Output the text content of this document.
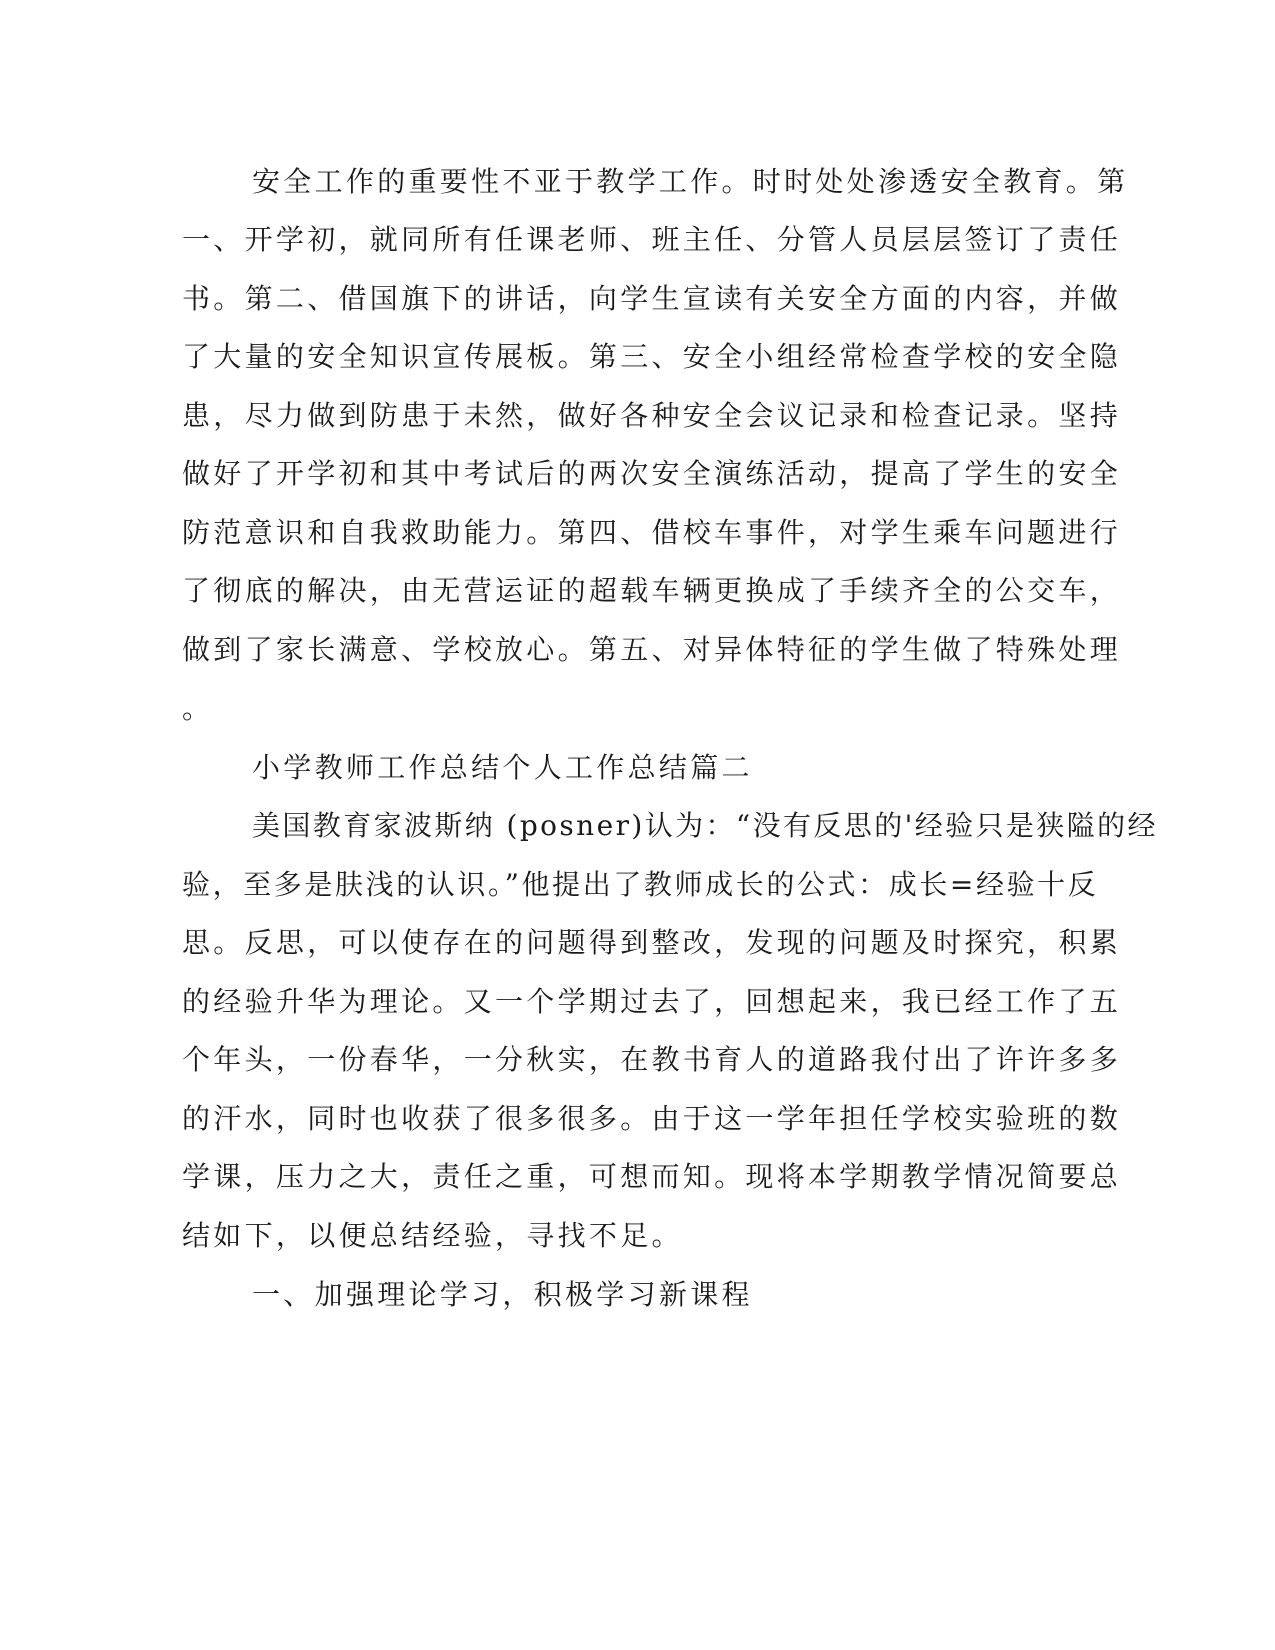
安全工作的重要性不亚于教学工作。时时处处渗透安全教育。第
一、开学初，就同所有任课老师、班主任、分管人员层层签订了责任
书。第二、借国旗下的讲话，向学生宣读有关安全方面的内容，并做
了大量的安全知识宣传展板。第三、安全小组经常检查学校的安全隐
患，尽力做到防患于未然，做好各种安全会议记录和检查记录。坚持
做好了开学初和其中考试后的两次安全演练活动，提高了学生的安全
防范意识和自我救助能力。第四、借校车事件，对学生乘车问题进行
了彻底的解决，由无营运证的超载车辆更换成了手续齐全的公交车，
做到了家长满意、学校放心。第五、对异体特征的学生做了特殊处理
。
小学教师工作总结个人工作总结篇二
美国教育家波斯纳 (posner)认为：“没有反思的'经验只是狭隘的经
验，至多是肤浅的认识。”他提出了教师成长的公式：成长=经验十反
思。反思，可以使存在的问题得到整改，发现的问题及时探究，积累
的经验升华为理论。又一个学期过去了，回想起来，我已经工作了五
个年头，一份春华，一分秋实，在教书育人的道路我付出了许许多多
的汗水，同时也收获了很多很多。由于这一学年担任学校实验班的数
学课，压力之大，责任之重，可想而知。现将本学期教学情况简要总
结如下，以便总结经验，寻找不足。
一、加强理论学习，积极学习新课程
